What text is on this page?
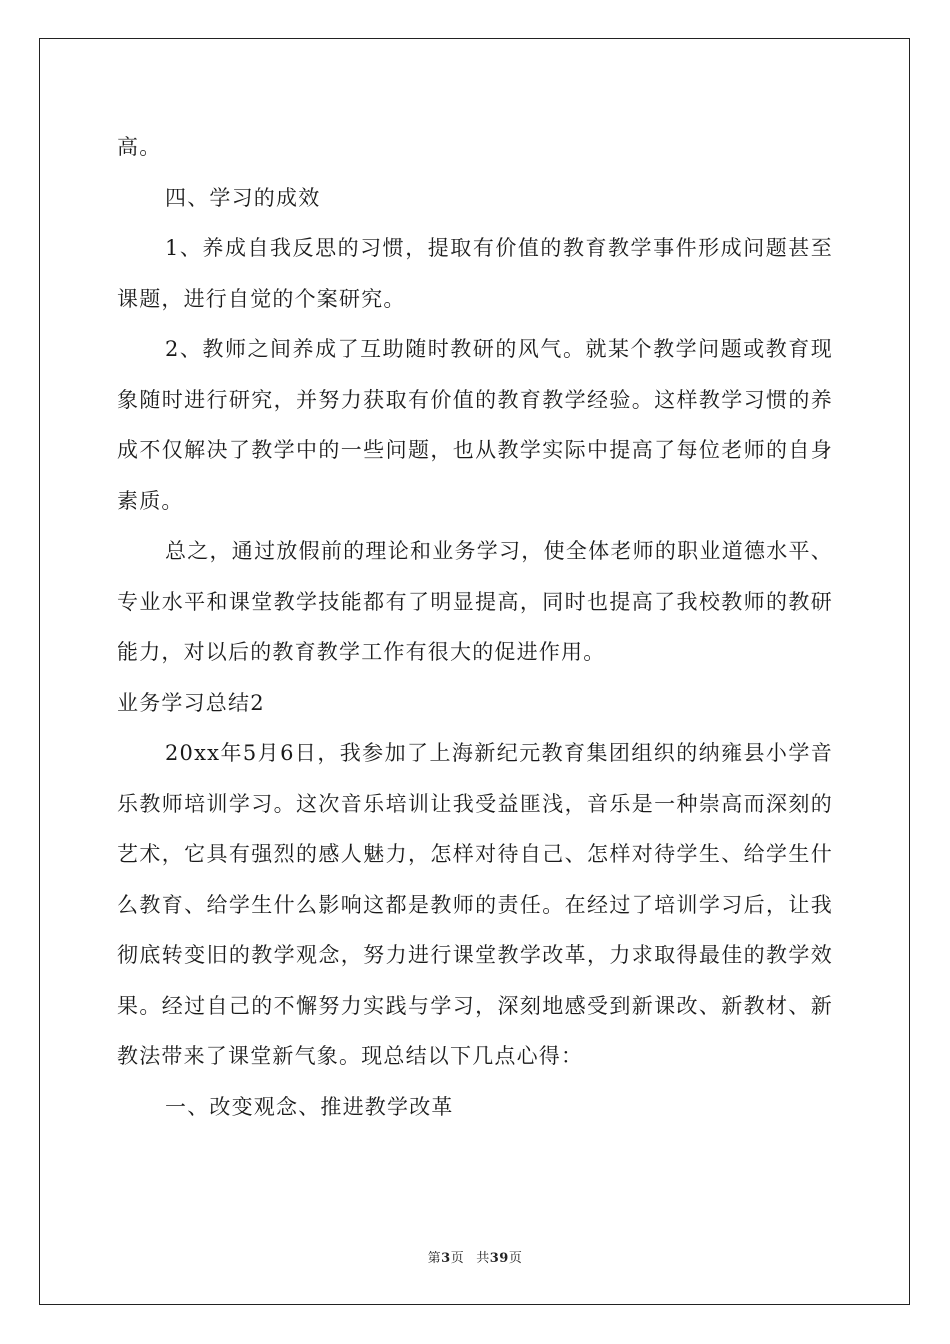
高。

四、学习的成效

1、养成自我反思的习惯，提取有价值的教育教学事件形成问题甚至课题，进行自觉的个案研究。

2、教师之间养成了互助随时教研的风气。就某个教学问题或教育现象随时进行研究，并努力获取有价值的教育教学经验。这样教学习惯的养成不仅解决了教学中的一些问题，也从教学实际中提高了每位老师的自身素质。

总之，通过放假前的理论和业务学习，使全体老师的职业道德水平、专业水平和课堂教学技能都有了明显提高，同时也提高了我校教师的教研能力，对以后的教育教学工作有很大的促进作用。

业务学习总结2

20xx年5月6日，我参加了上海新纪元教育集团组织的纳雍县小学音乐教师培训学习。这次音乐培训让我受益匪浅，音乐是一种崇高而深刻的艺术，它具有强烈的感人魅力，怎样对待自己、怎样对待学生、给学生什么教育、给学生什么影响这都是教师的责任。在经过了培训学习后，让我彻底转变旧的教学观念，努力进行课堂教学改革，力求取得最佳的教学效果。经过自己的不懈努力实践与学习，深刻地感受到新课改、新教材、新教法带来了课堂新气象。现总结以下几点心得：

一、改变观念、推进教学改革

第3页 共39页
